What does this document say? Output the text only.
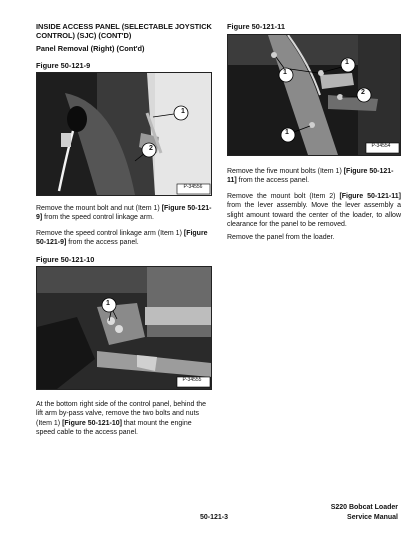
INSIDE ACCESS PANEL (SELECTABLE JOYSTICK CONTROL) (SJC) (CONT'D)
Panel Removal (Right) (Cont'd)
Figure 50-121-9
1
2
P-34556
Remove the mount bolt and nut (Item 1) [Figure 50-121-9] from the speed control linkage arm.
Remove the speed control linkage arm (Item 1) [Figure 50-121-9] from the access panel.
Figure 50-121-10
1
P-34555
At the bottom right side of the control panel, behind the lift arm by-pass valve, remove the two bolts and nuts (Item 1) [Figure 50-121-10] that mount the engine speed cable to the access panel.
Figure 50-121-11
1
1
2
1
P-34554
Remove the five mount bolts (Item 1) [Figure 50-121-11] from the access panel.
Remove the mount bolt (Item 2) [Figure 50-121-11] from the lever assembly. Move the lever assembly a slight amount toward the center of the loader, to allow clearance for the panel to be removed.
Remove the panel from the loader.
50-121-3
S220 Bobcat Loader
Service Manual
